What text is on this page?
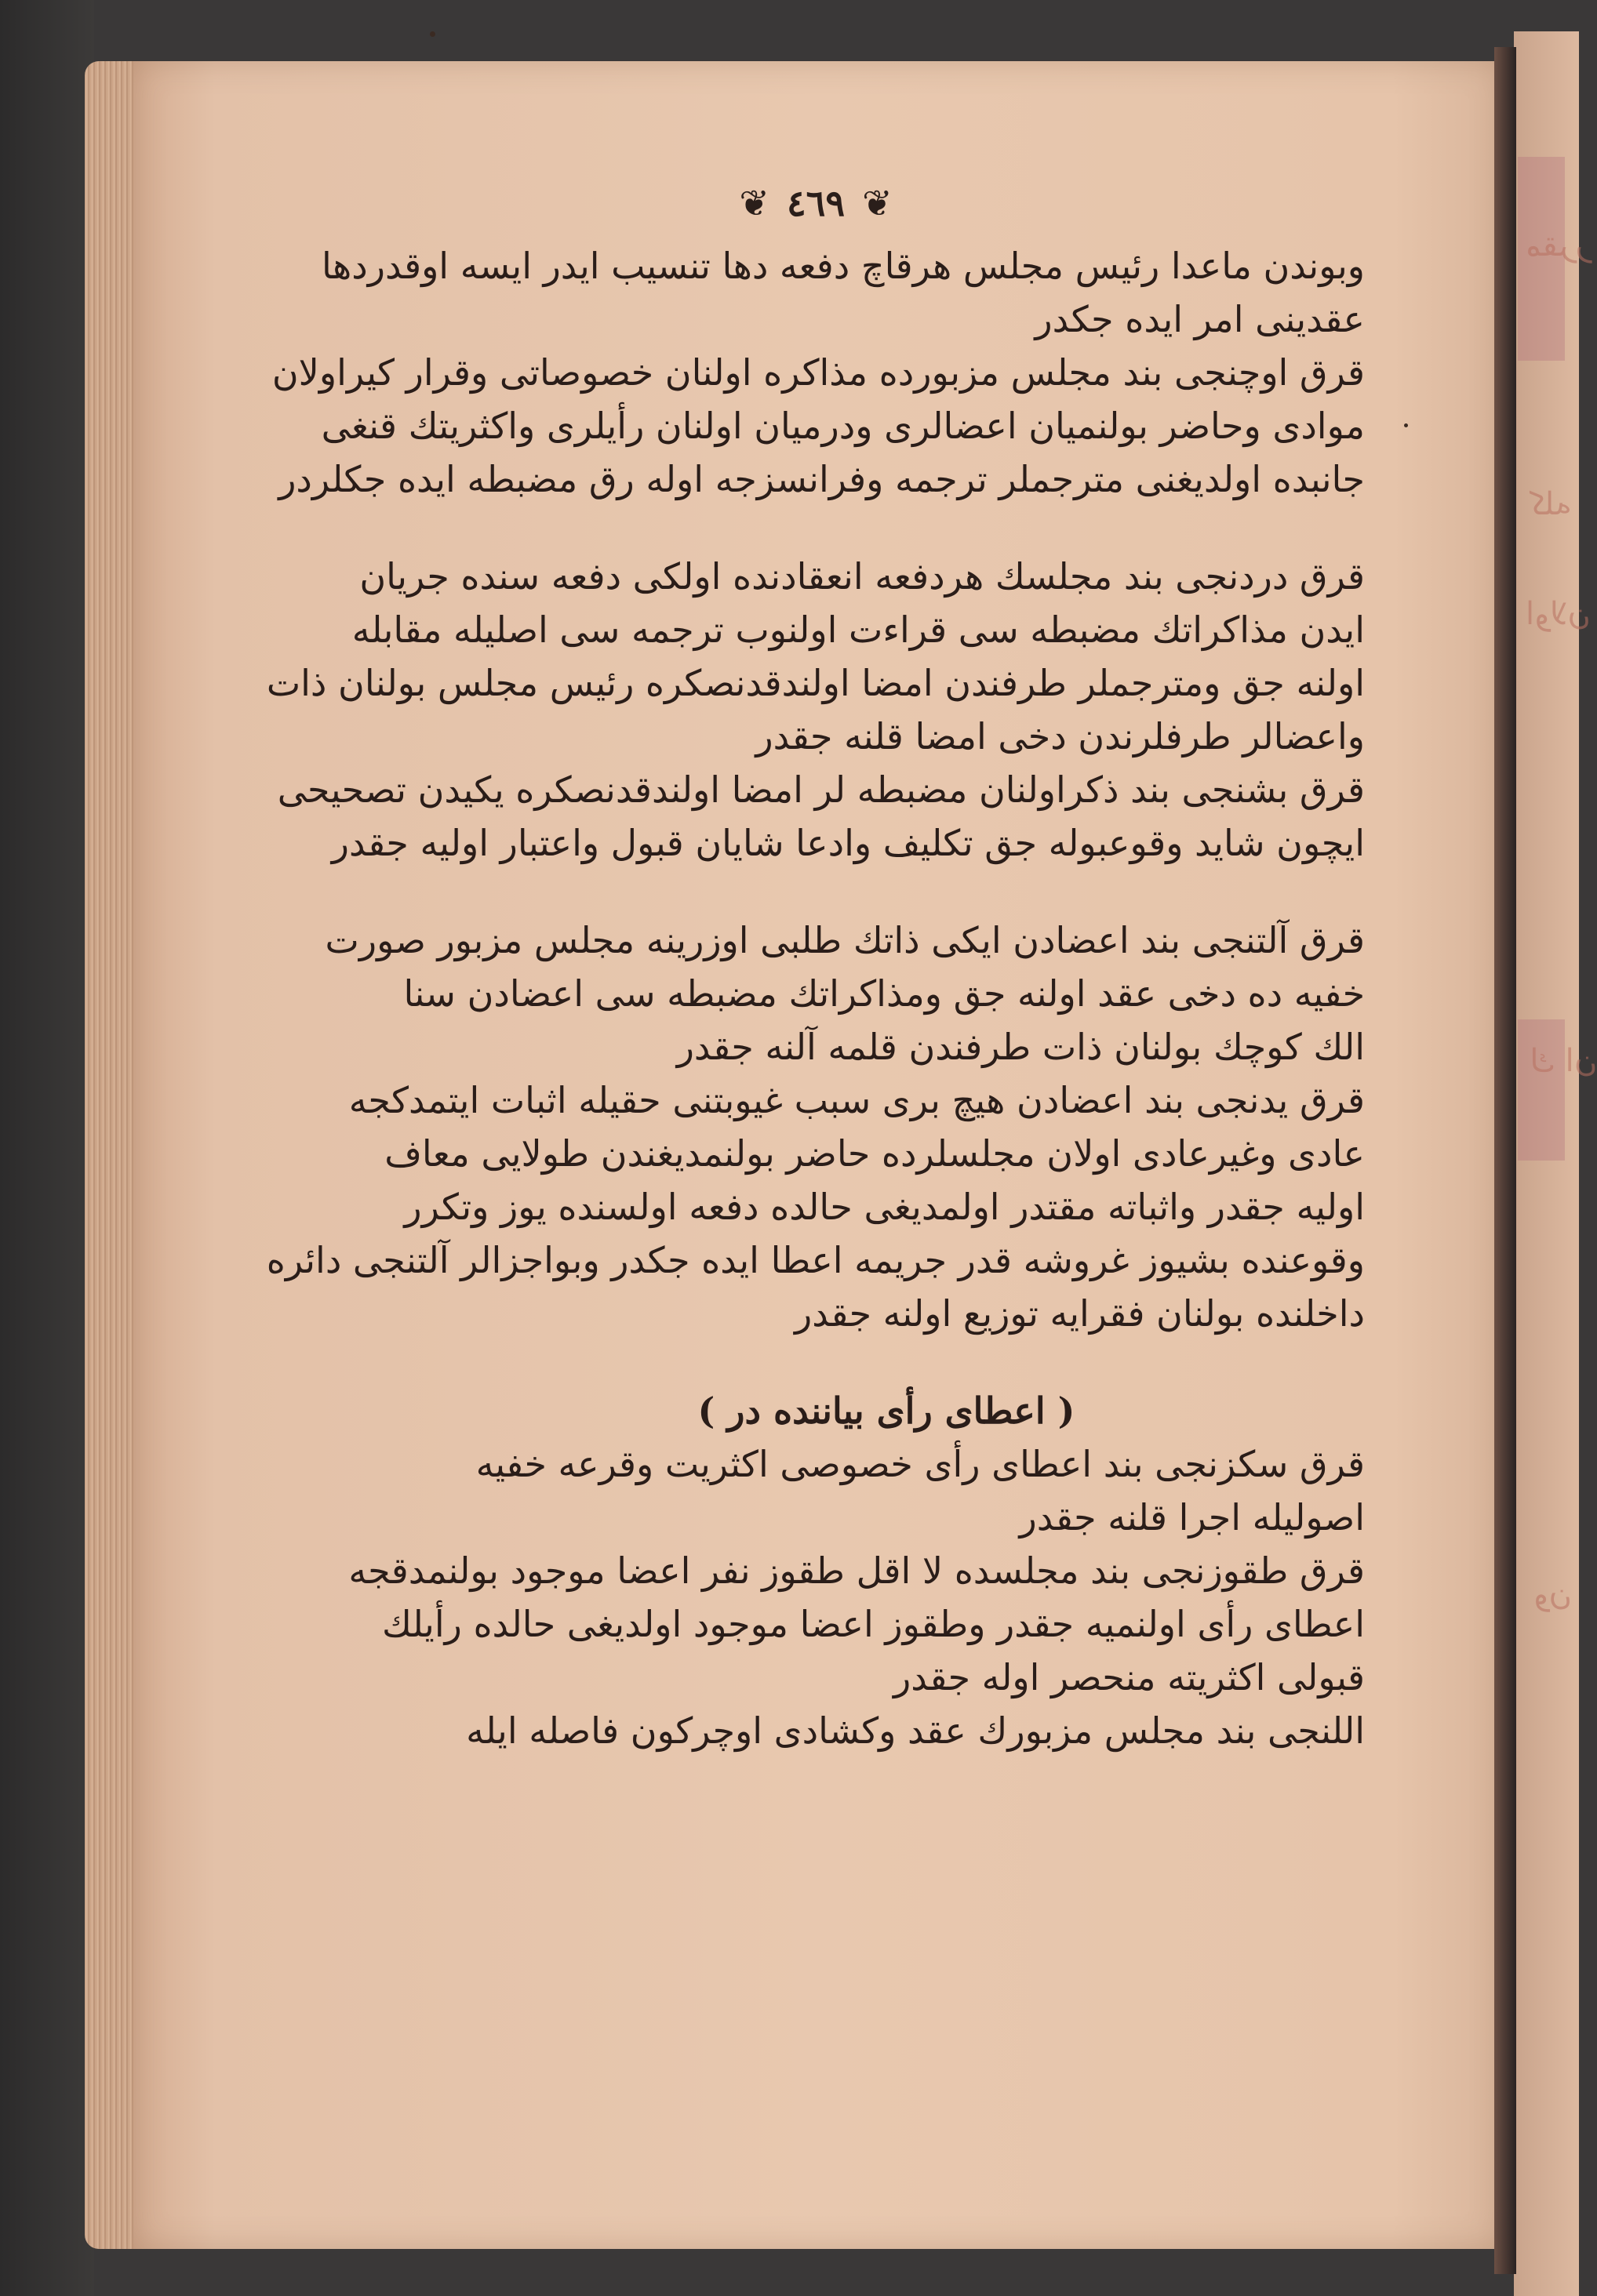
مقرر
كله
اولان
ك ان
ون
❦ ٤٦٩ ❦
وبوندن ماعدا رئيس مجلس هرقاچ دفعه دها تنسيب ايدر ايسه اوقدردها
عقدينی امر ايده جكدر
قرق اوچنجی بند مجلس مزبورده مذاكره اولنان خصوصاتی وقرار كيراولان
موادی وحاضر بولنميان اعضالری ودرميان اولنان رأيلری واكثريتك قنغی
جانبده اولديغنی مترجملر ترجمه وفرانسزجه اوله رق مضبطه ايده جكلردر
قرق دردنجی بند مجلسك هردفعه انعقادنده اولكی دفعه سنده جريان
ايدن مذاكراتك مضبطه سی قراءت اولنوب ترجمه سی اصليله مقابله
اولنه جق ومترجملر طرفندن امضا اولندقدنصكره رئيس مجلس بولنان ذات
واعضالر طرفلرندن دخی امضا قلنه جقدر
قرق بشنجی بند ذكراولنان مضبطه لر امضا اولندقدنصكره يكيدن تصحيحی
ايچون شايد وقوعبوله جق تكليف وادعا شايان قبول واعتبار اوليه جقدر
قرق آلتنجی بند اعضادن ايكی ذاتك طلبی اوزرينه مجلس مزبور صورت
خفيه ده دخی عقد اولنه جق ومذاكراتك مضبطه سی اعضادن سنا
الك كوچك بولنان ذات طرفندن قلمه آلنه جقدر
قرق يدنجی بند اعضادن هيچ بری سبب غيوبتنی حقيله اثبات ايتمدكجه
عادی وغيرعادی اولان مجلسلرده حاضر بولنمديغندن طولايی معاف
اوليه جقدر واثباته مقتدر اولمديغی حالده دفعه اولسنده يوز وتكرر
وقوعنده بشيوز غروشه قدر جريمه اعطا ايده جكدر وبواجزالر آلتنجی دائره
داخلنده بولنان فقرايه توزيع اولنه جقدر
( اعطای رأی بياننده در )
قرق سكزنجی بند اعطای رأی خصوصی اكثريت وقرعه خفيه
اصوليله اجرا قلنه جقدر
قرق طقوزنجی بند مجلسده لا اقل طقوز نفر اعضا موجود بولنمدقجه
اعطای رأی اولنميه جقدر وطقوز اعضا موجود اولديغی حالده رأيلك
قبولی اكثريته منحصر اوله جقدر
اللنجی بند مجلس مزبورك عقد وكشادی اوچركون فاصله ايله
